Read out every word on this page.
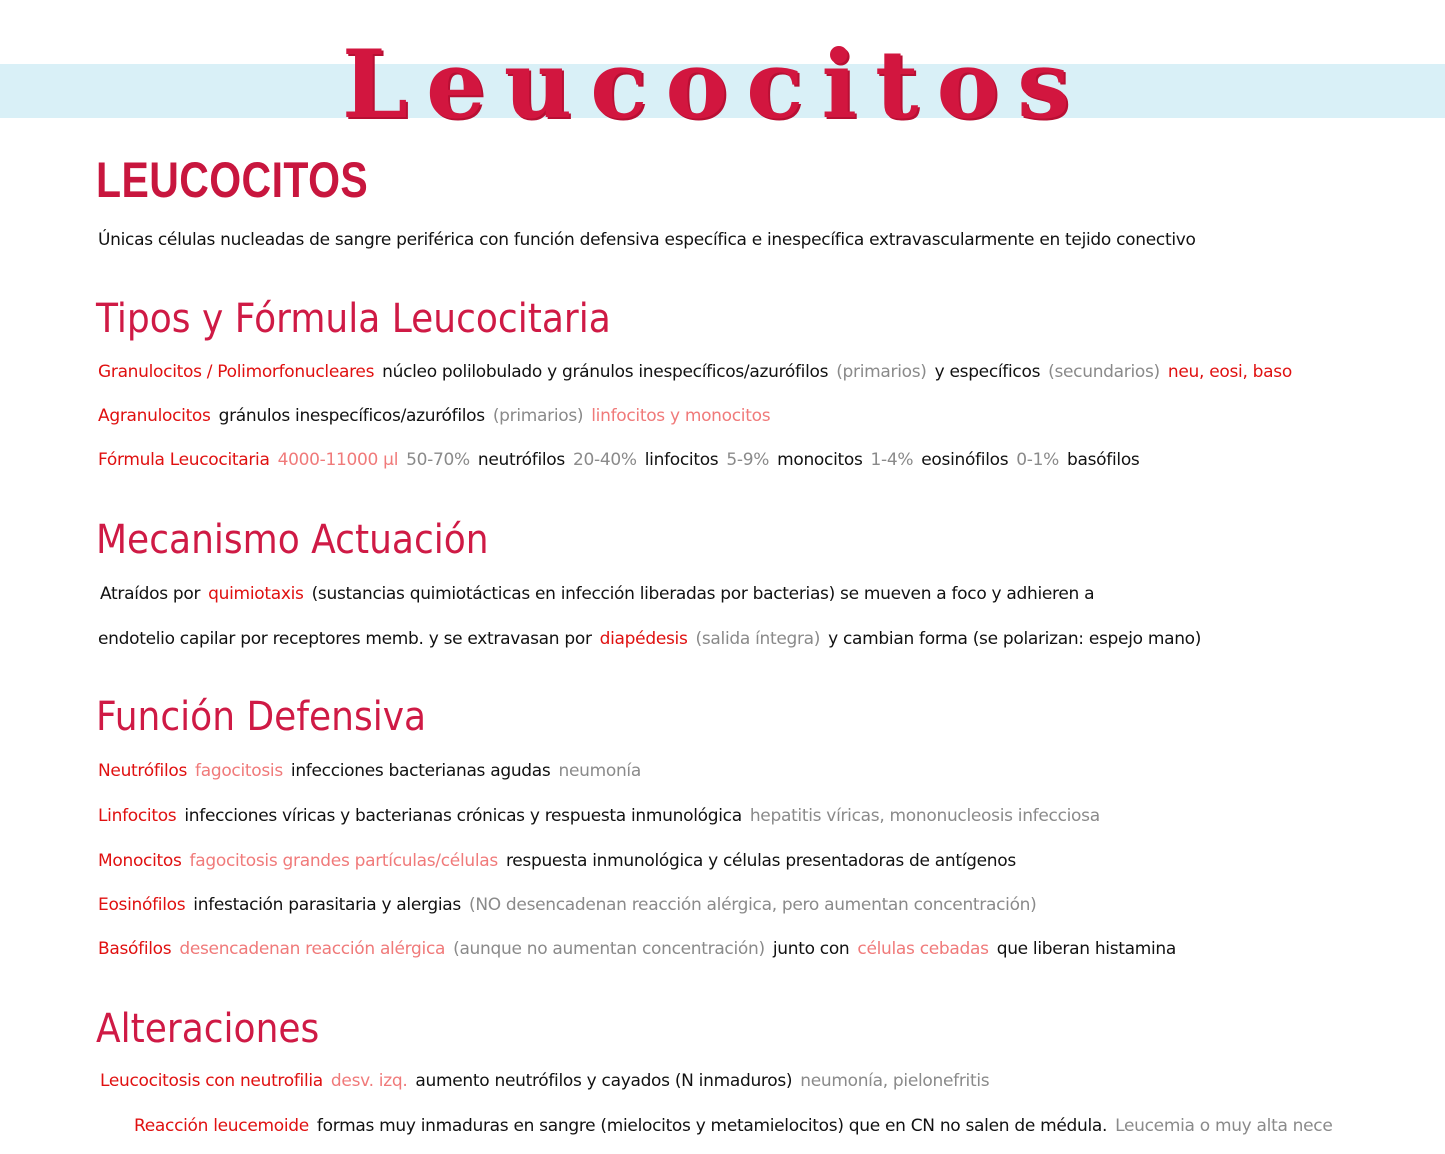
Leucocitos
LEUCOCITOS

Únicas células nucleadas de sangre periférica con función defensiva específica e inespecífica extravascularmente en tejido conectivo

Tipos y Fórmula Leucocitaria

Granulocitos / Polimorfonucleares núcleo polilobulado y gránulos inespecíficos/azurófilos (primarios) y específicos (secundarios) neu, eosi, baso

Agranulocitos gránulos inespecíficos/azurófilos (primarios) linfocitos y monocitos

Fórmula Leucocitaria 4000-11000 µl 50-70% neutrófilos 20-40% linfocitos 5-9% monocitos 1-4% eosinófilos 0-1% basófilos

Mecanismo Actuación

Atraídos por quimiotaxis (sustancias quimiotácticas en infección liberadas por bacterias) se mueven a foco y adhieren a

endotelio capilar por receptores memb. y se extravasan por diapédesis (salida íntegra) y cambian forma (se polarizan: espejo mano)

Función Defensiva

Neutrófilos fagocitosis infecciones bacterianas agudas neumonía

Linfocitos infecciones víricas y bacterianas crónicas y respuesta inmunológica hepatitis víricas, mononucleosis infecciosa

Monocitos fagocitosis grandes partículas/células respuesta inmunológica y células presentadoras de antígenos

Eosinófilos infestación parasitaria y alergias (NO desencadenan reacción alérgica, pero aumentan concentración)

Basófilos desencadenan reacción alérgica (aunque no aumentan concentración) junto con células cebadas que liberan histamina

Alteraciones

Leucocitosis con neutrofilia desv. izq. aumento neutrófilos y cayados (N inmaduros) neumonía, pielonefritis

Reacción leucemoide formas muy inmaduras en sangre (mielocitos y metamielocitos) que en CN no salen de médula. Leucemia o muy alta nece
